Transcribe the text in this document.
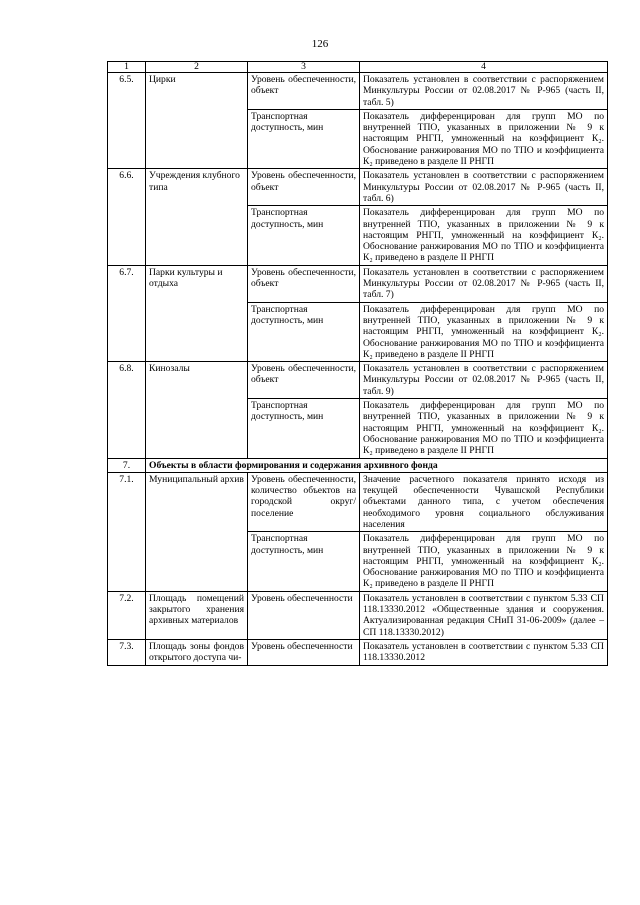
126
1	2	3	4
6.5.	Цирки	Уровень обеспеченности, объект	Показатель установлен в соответствии с распоряжением Минкультуры России от 02.08.2017 № Р-965 (часть II, табл. 5)
		Транспортная доступность, мин	Показатель дифференцирован для групп МО по внутренней ТПО, указанных в приложении № 9 к настоящим РНГП, умноженный на коэффициент К₂. Обоснование ранжирования МО по ТПО и коэффициента К₂ приведено в разделе II РНГП
6.6.	Учреждения клубного типа	Уровень обеспеченности, объект	Показатель установлен в соответствии с распоряжением Минкультуры России от 02.08.2017 № Р-965 (часть II, табл. 6)
		Транспортная доступность, мин	Показатель дифференцирован для групп МО по внутренней ТПО, указанных в приложении № 9 к настоящим РНГП, умноженный на коэффициент К₂. Обоснование ранжирования МО по ТПО и коэффициента К₂ приведено в разделе II РНГП
6.7.	Парки культуры и отдыха	Уровень обеспеченности, объект	Показатель установлен в соответствии с распоряжением Минкультуры России от 02.08.2017 № Р-965 (часть II, табл. 7)
		Транспортная доступность, мин	Показатель дифференцирован для групп МО по внутренней ТПО, указанных в приложении № 9 к настоящим РНГП, умноженный на коэффициент К₂. Обоснование ранжирования МО по ТПО и коэффициента К₂ приведено в разделе II РНГП
6.8.	Кинозалы	Уровень обеспеченности, объект	Показатель установлен в соответствии с распоряжением Минкультуры России от 02.08.2017 № Р-965 (часть II, табл. 9)
		Транспортная доступность, мин	Показатель дифференцирован для групп МО по внутренней ТПО, указанных в приложении № 9 к настоящим РНГП, умноженный на коэффициент К₂. Обоснование ранжирования МО по ТПО и коэффициента К₂ приведено в разделе II РНГП
7.	Объекты в области формирования и содержания архивного фонда		
7.1.	Муниципальный архив	Уровень обеспеченности, количество объектов на городской округ/поселение	Значение расчетного показателя принято исходя из текущей обеспеченности Чувашской Республики объектами данного типа, с учетом обеспечения необходимого уровня социального обслуживания населения
		Транспортная доступность, мин	Показатель дифференцирован для групп МО по внутренней ТПО, указанных в приложении № 9 к настоящим РНГП, умноженный на коэффициент К₂. Обоснование ранжирования МО по ТПО и коэффициента К₂ приведено в разделе II РНГП
7.2.	Площадь помещений закрытого хранения архивных материалов	Уровень обеспеченности	Показатель установлен в соответствии с пунктом 5.33 СП 118.13330.2012 «Общественные здания и сооружения. Актуализированная редакция СНиП 31-06-2009» (далее – СП 118.13330.2012)
7.3.	Площадь зоны фондов открытого доступа чи-	Уровень обеспеченности	Показатель установлен в соответствии с пунктом 5.33 СП 118.13330.2012
